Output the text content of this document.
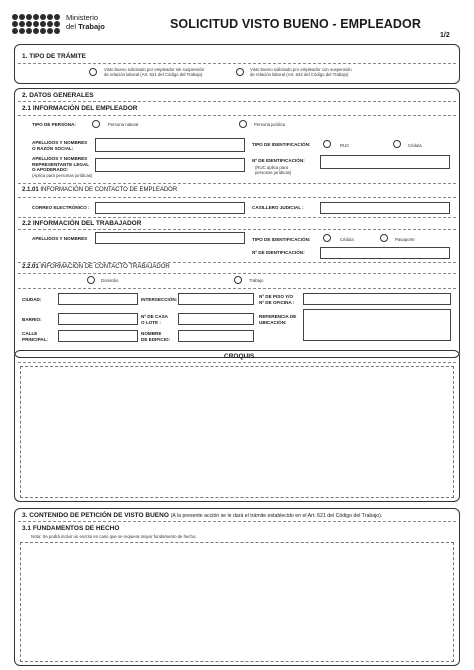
Ministerio
del Trabajo	SOLICITUD VISTO BUENO - EMPLEADOR
1/2
1. TIPO DE TRÁMITE
Visto bueno solicitado por empleador sin suspensión
de relación laboral (Art. 621 del Código del Trabajo)
Visto bueno solicitado por empleador con suspensión
de relación laboral (Art. 622 del Código del Trabajo)
2. DATOS GENERALES
2.1 INFORMACIÓN DEL EMPLEADOR
TIPO DE PERSONA:	Persona natural	Persona jurídica
APELLIDOS Y NOMBRES
O RAZÓN SOCIAL:
TIPO DE IDENTIFICACIÓN:	RUC	Cédula
APELLIDOS Y NOMBRES
REPRESENTANTE LEGAL
O APODERADO:
(Aplica para personas jurídicas)
Nº DE IDENTIFICACIÓN:
(RUC aplica para
personas jurídicas)
2.1.01 INFORMACIÓN DE CONTACTO DE EMPLEADOR
CORREO ELECTRÓNICO :	CASILLERO JUDICIAL :
2.2 INFORMACIÓN DEL TRABAJADOR
APELLIDOS Y NOMBRES	TIPO DE IDENTIFICACIÓN:	Cédula	Pasaporte
Nº DE IDENTIFICACIÓN:
2.2.01 INFORMACIÓN DE CONTACTO TRABAJADOR
Domicilio	Trabajo
CIUDAD:	INTERSECCIÓN:
Nº DE PISO Y/O
Nº DE OFICINA :
BARRIO:
Nº DE CASA
O LOTE :
REFERENCIA DE
UBICACIÓN:
CALLE
PRINCIPAL:
NOMBRE
DE EDIFICIO:
CROQUIS
3. CONTENIDO DE PETICIÓN DE VISTO BUENO (A la presente acción se le dará el trámite establecido en el Art. 621 del Código del Trabajo).
3.1 FUNDAMENTOS DE HECHO
Nota: Se podrá incluir un escrito en caso que se requiera mayor fundamento de hecho.
